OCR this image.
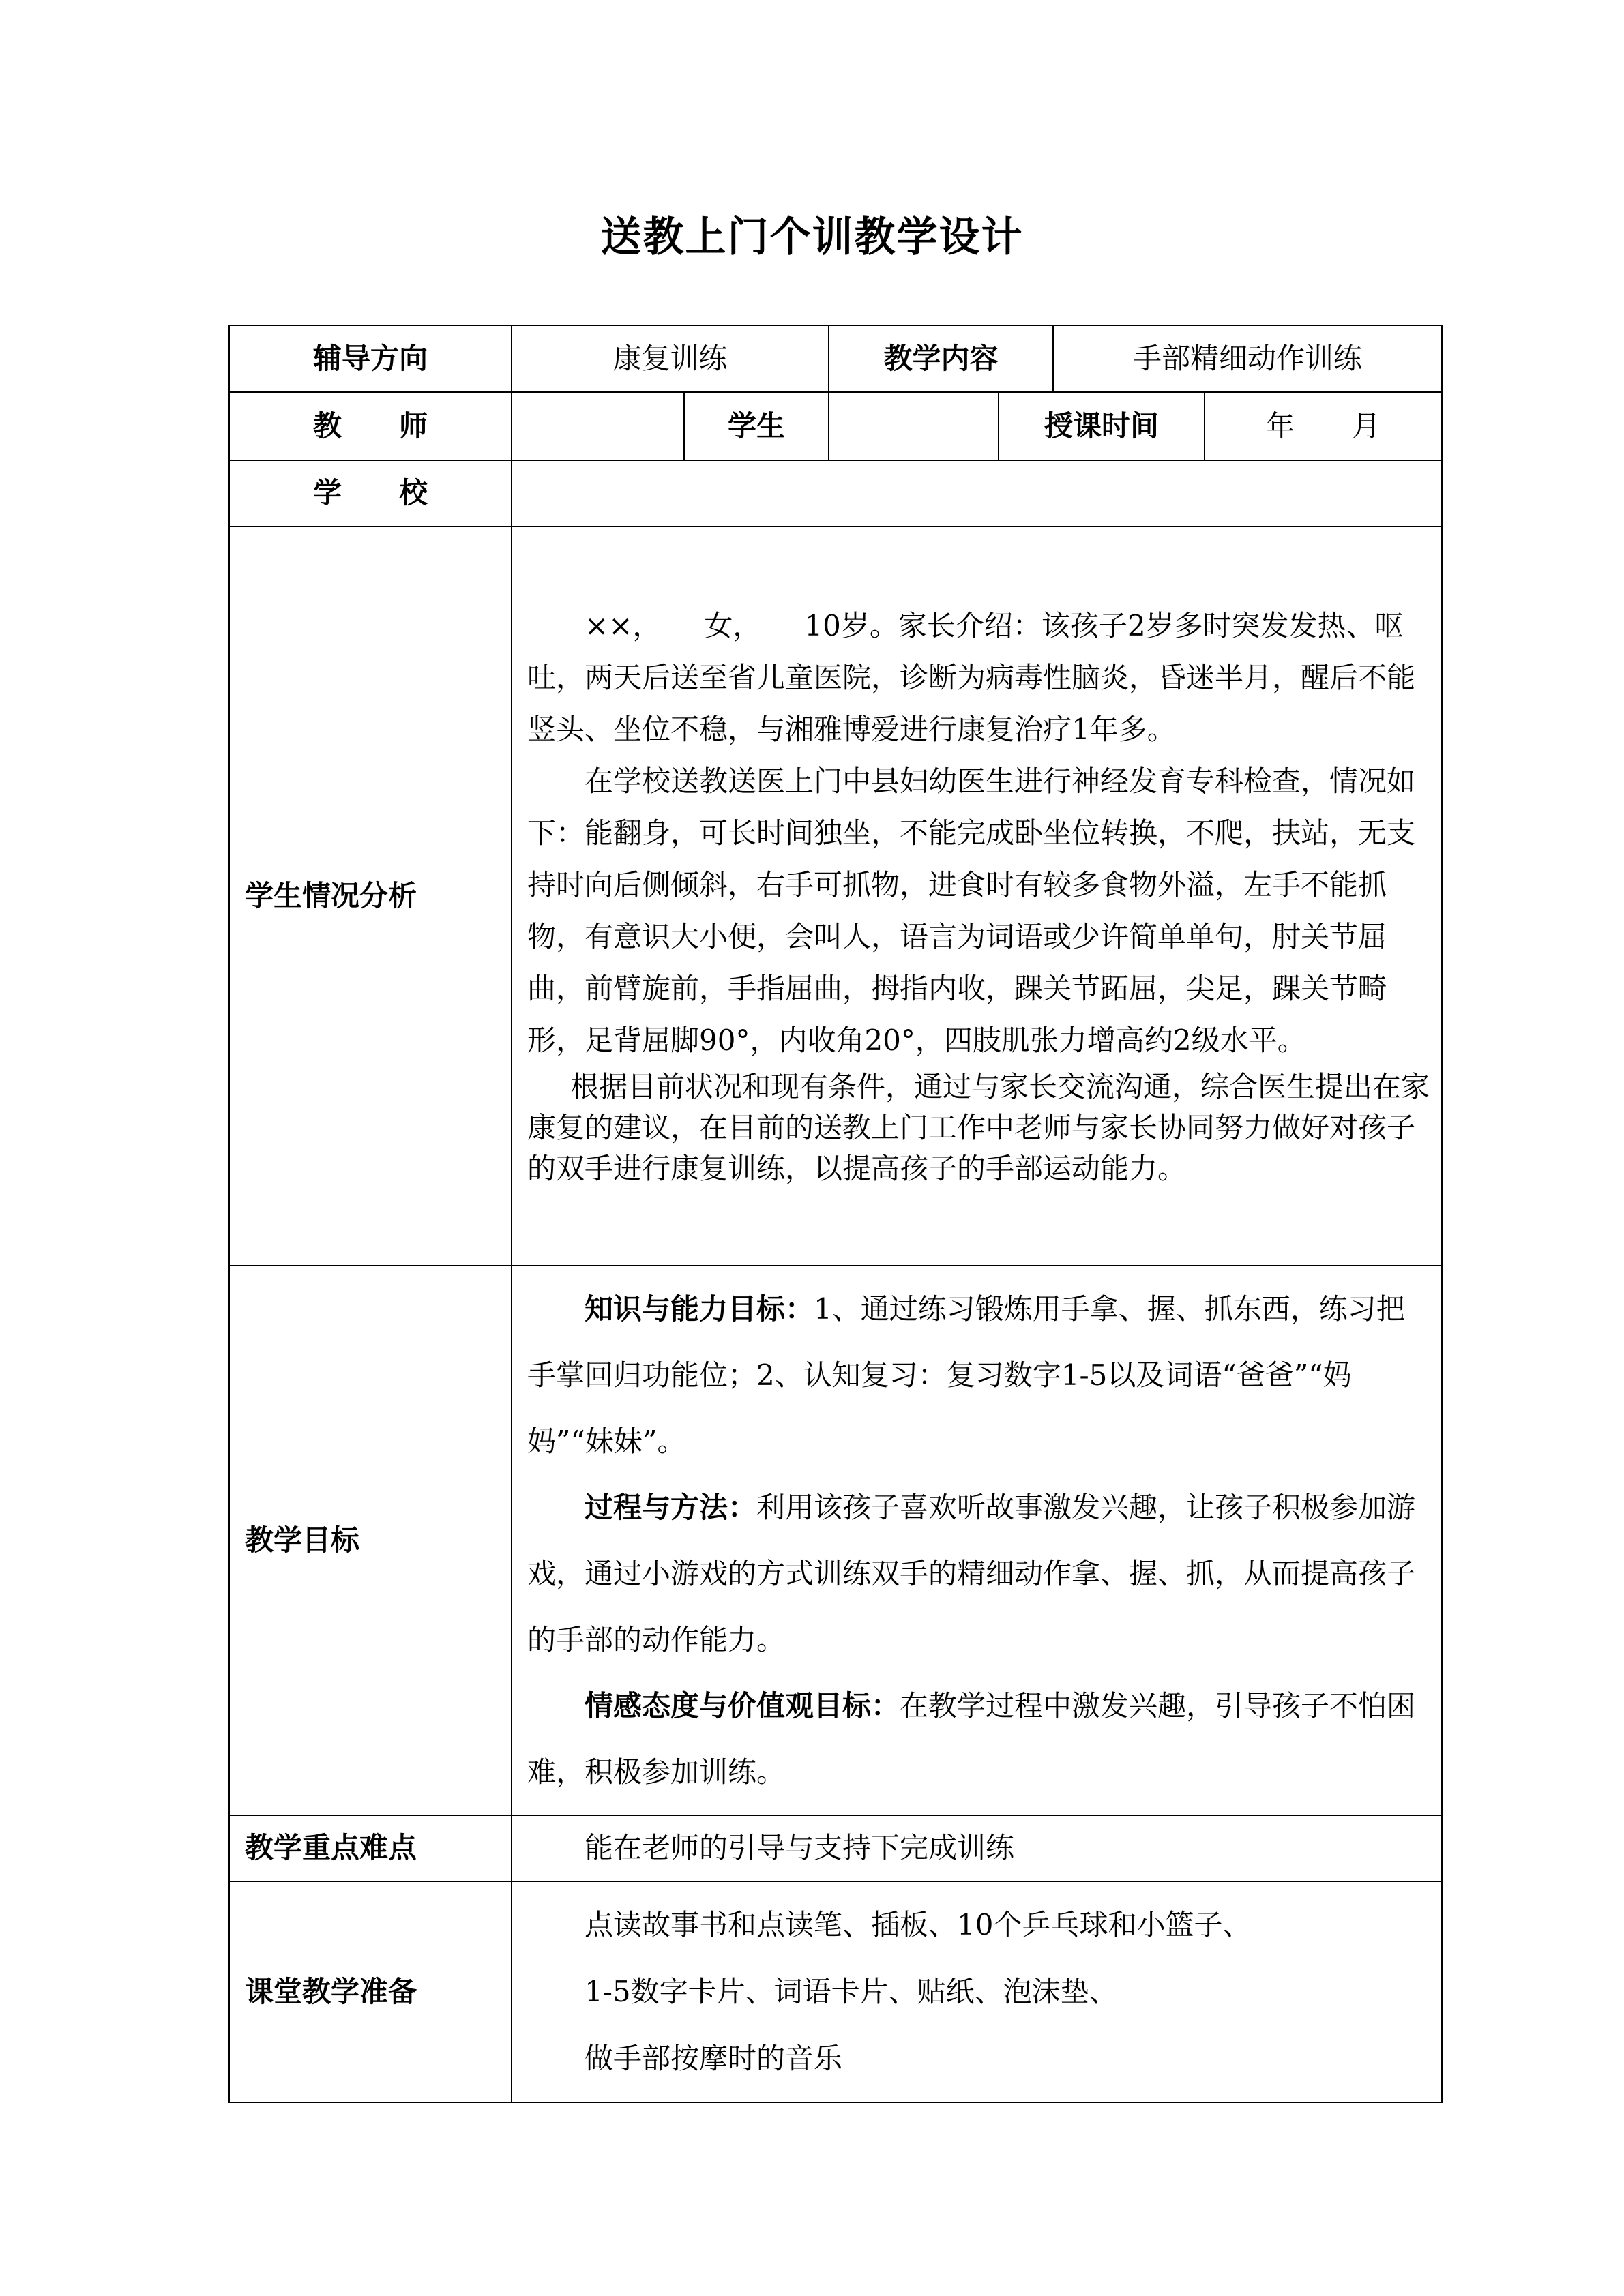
送教上门个训教学设计
辅导方向	康复训练		教学内容		手部精细动作训练
教　　师		学生		授课时间 年　　月	

学　　校					
学生情况分析	××，　　女，　　10岁。家长介绍：该孩子2岁多时突发发热、呕吐，两天后送至省儿童医院，诊断为病毒性脑炎，昏迷半月，醒后不能竖头、坐位不稳，与湘雅博爱进行康复治疗1年多。

在学校送教送医上门中县妇幼医生进行神经发育专科检查，情况如下：能翻身，可长时间独坐，不能完成卧坐位转换，不爬，扶站，无支持时向后侧倾斜，右手可抓物，进食时有较多食物外溢，左手不能抓物，有意识大小便，会叫人，语言为词语或少许简单单句，肘关节屈曲，前臂旋前，手指屈曲，拇指内收，踝关节跖屈，尖足，踝关节畸形，足背屈脚90°，内收角20°，四肢肌张力增高约2级水平。

根据目前状况和现有条件，通过与家长交流沟通，综合医生提出在家康复的建议，在目前的送教上门工作中老师与家长协同努力做好对孩子的双手进行康复训练，以提高孩子的手部运动能力。				

教学目标	知识与能力目标：1、通过练习锻炼用手拿、握、抓东西，练习把手掌回归功能位；2、认知复习：复习数字1-5以及词语“爸爸”“妈妈”“妹妹”。

过程与方法：利用该孩子喜欢听故事激发兴趣，让孩子积极参加游戏，通过小游戏的方式训练双手的精细动作拿、握、抓，从而提高孩子的手部的动作能力。

情感态度与价值观目标：在教学过程中激发兴趣，引导孩子不怕困难，积极参加训练。				

教学重点难点	能在老师的引导与支持下完成训练				
课堂教学准备	点读故事书和点读笔、插板、10个乒乓球和小篮子、
1-5数字卡片、词语卡片、贴纸、泡沫垫、
做手部按摩时的音乐				
